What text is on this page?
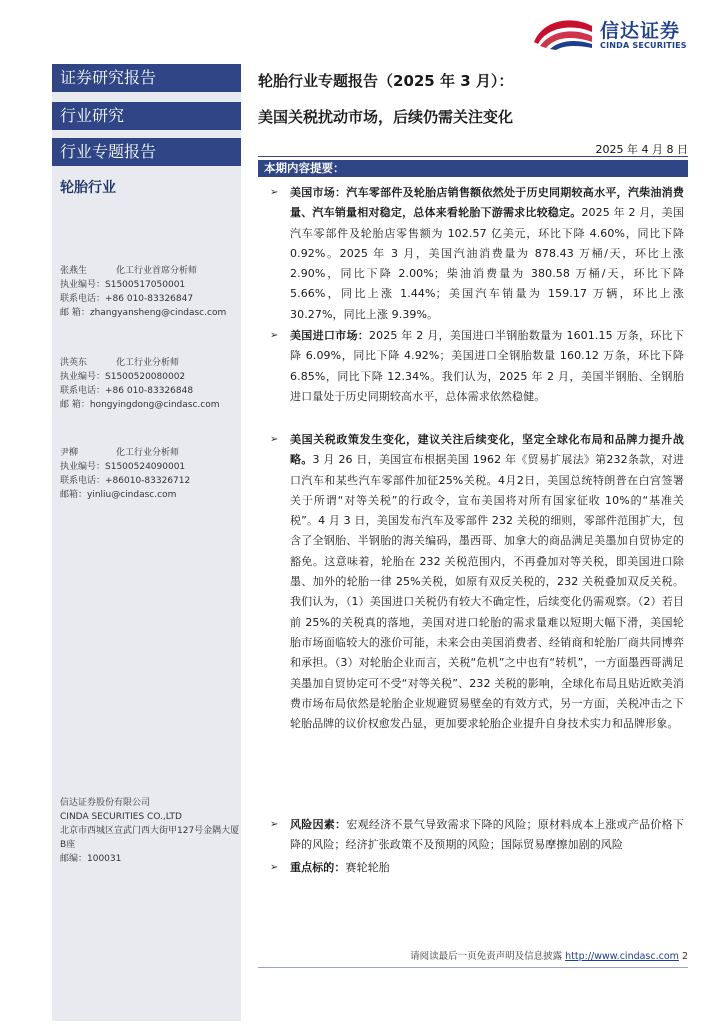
信达证券
CINDA SECURITIES
证券研究报告
行业研究
行业专题报告
轮胎行业
张燕生	化工行业首席分析师
执业编号：S1500517050001
联系电话：+86 010-83326847
邮 箱：zhangyansheng@cindasc.com
洪英东	化工行业分析师
执业编号：S1500520080002
联系电话：+86 010-83326848
邮 箱：hongyingdong@cindasc.com
尹柳	化工行业分析师
执业编号：S1500524090001
联系电话：+86010-83326712
邮箱：yinliu@cindasc.com
信达证券股份有限公司
CINDA SECURITIES CO.,LTD
北京市西城区宣武门西大街甲127号金隅大厦B座
邮编：100031
轮胎行业专题报告（2025 年 3 月）：
美国关税扰动市场，后续仍需关注变化
2025 年 4 月 8 日
本期内容提要：
➢ 美国市场：汽车零部件及轮胎店销售额依然处于历史同期较高水平，汽柴油消费量、汽车销量相对稳定，总体来看轮胎下游需求比较稳定。2025 年 2 月，美国汽车零部件及轮胎店零售额为 102.57 亿美元，环比下降 4.60%，同比下降 0.92%。2025 年 3 月，美国汽油消费量为 878.43 万桶/天，环比上涨 2.90%，同比下降 2.00%；柴油消费量为 380.58 万桶/天，环比下降 5.66%，同比上涨 1.44%；美国汽车销量为 159.17 万辆，环比上涨 30.27%，同比上涨 9.39%。
➢ 美国进口市场：2025 年 2 月，美国进口半钢胎数量为 1601.15 万条，环比下降 6.09%，同比下降 4.92%；美国进口全钢胎数量 160.12 万条，环比下降 6.85%，同比下降 12.34%。我们认为，2025 年 2 月，美国半钢胎、全钢胎进口量处于历史同期较高水平，总体需求依然稳健。
➢ 美国关税政策发生变化，建议关注后续变化，坚定全球化布局和品牌力提升战略。3 月 26 日，美国宣布根据美国 1962 年《贸易扩展法》第232条款，对进口汽车和某些汽车零部件加征25%关税。4月2日，美国总统特朗普在白宫签署关于所谓“对等关税”的行政令，宣布美国将对所有国家征收 10%的“基准关税”。4 月 3 日，美国发布汽车及零部件 232 关税的细则，零部件范围扩大，包含了全钢胎、半钢胎的海关编码，墨西哥、加拿大的商品满足美墨加自贸协定的豁免。这意味着，轮胎在 232 关税范围内，不再叠加对等关税，即美国进口除墨、加外的轮胎一律 25%关税，如原有双反关税的，232 关税叠加双反关税。我们认为，（1）美国进口关税仍有较大不确定性，后续变化仍需观察。（2）若目前 25%的关税真的落地，美国对进口轮胎的需求量难以短期大幅下滑，美国轮胎市场面临较大的涨价可能，未来会由美国消费者、经销商和轮胎厂商共同博弈和承担。（3）对轮胎企业而言，关税“危机”之中也有“转机”，一方面墨西哥满足美墨加自贸协定可不受“对等关税”、232 关税的影响，全球化布局且贴近欧美消费市场布局依然是轮胎企业规避贸易壁垒的有效方式，另一方面，关税冲击之下轮胎品牌的议价权愈发凸显，更加要求轮胎企业提升自身技术实力和品牌形象。
➢ 风险因素：宏观经济不景气导致需求下降的风险；原材料成本上涨或产品价格下降的风险；经济扩张政策不及预期的风险；国际贸易摩擦加剧的风险
➢ 重点标的：赛轮轮胎
请阅读最后一页免责声明及信息披露 http://www.cindasc.com 2
